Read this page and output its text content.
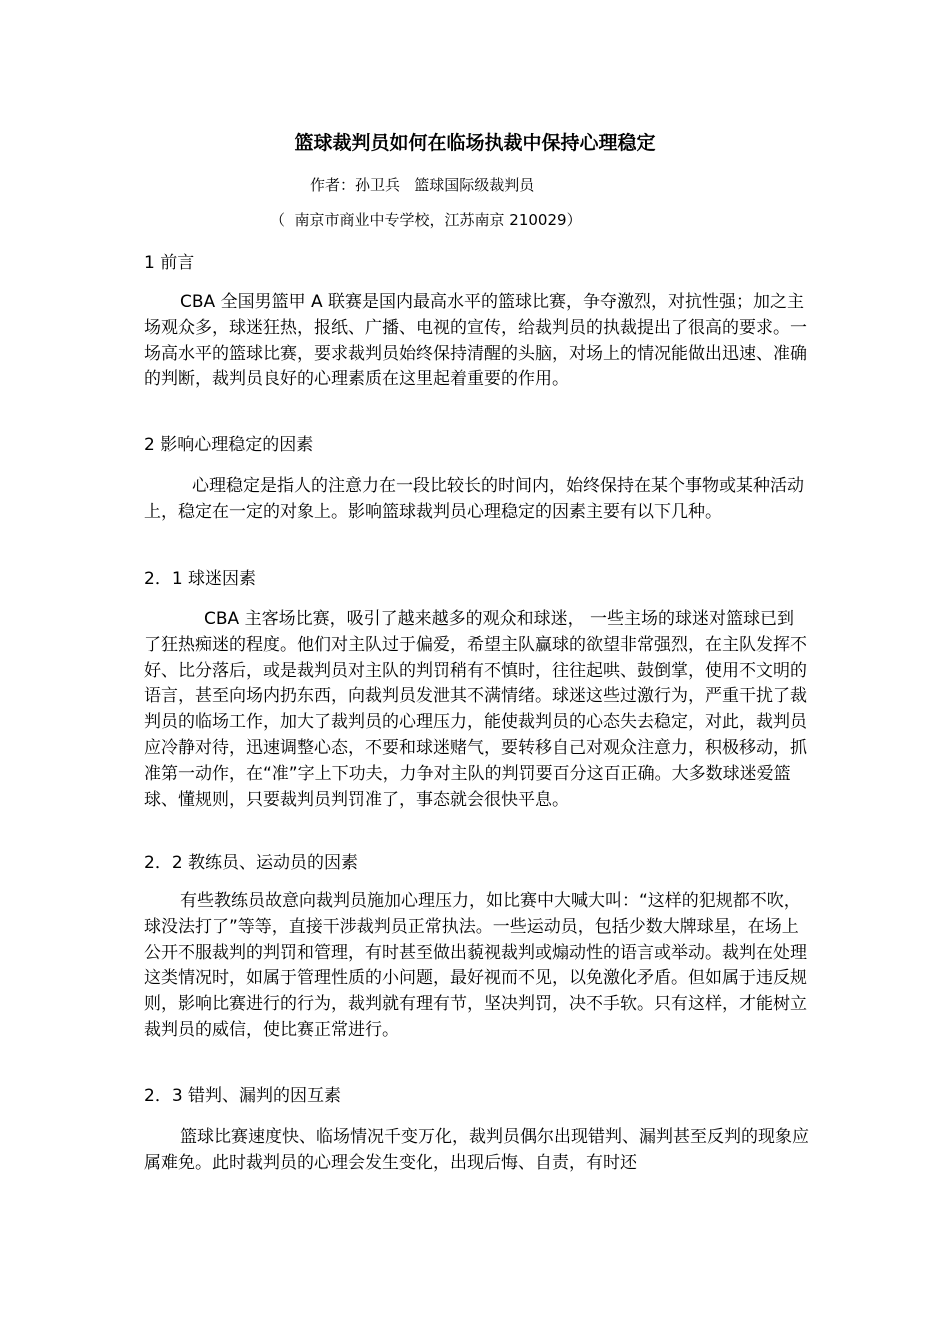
篮球裁判员如何在临场执裁中保持心理稳定
作者：孙卫兵   篮球国际级裁判员
（  南京市商业中专学校，江苏南京 210029）
1 前言

CBA 全国男篮甲 A 联赛是国内最高水平的篮球比赛，争夺激烈，对抗性强；加之主场观众多，球迷狂热，报纸、广播、电视的宣传，给裁判员的执裁提出了很高的要求。一场高水平的篮球比赛，要求裁判员始终保持清醒的头脑，对场上的情况能做出迅速、准确的判断，裁判员良好的心理素质在这里起着重要的作用。

2 影响心理稳定的因素

心理稳定是指人的注意力在一段比较长的时间内，始终保持在某个事物或某种活动上，稳定在一定的对象上。影响篮球裁判员心理稳定的因素主要有以下几种。

2．1 球迷因素

CBA 主客场比赛，吸引了越来越多的观众和球迷， 一些主场的球迷对篮球已到了狂热痴迷的程度。他们对主队过于偏爱，希望主队赢球的欲望非常强烈，在主队发挥不好、比分落后，或是裁判员对主队的判罚稍有不慎时，往往起哄、鼓倒掌，使用不文明的语言，甚至向场内扔东西，向裁判员发泄其不满情绪。球迷这些过激行为，严重干扰了裁判员的临场工作，加大了裁判员的心理压力，能使裁判员的心态失去稳定，对此，裁判员应冷静对待，迅速调整心态，不要和球迷赌气，要转移自己对观众注意力，积极移动，抓准第一动作，在“准”字上下功夫，力争对主队的判罚要百分这百正确。大多数球迷爱篮球、懂规则，只要裁判员判罚准了，事态就会很快平息。

2．2 教练员、运动员的因素

有些教练员故意向裁判员施加心理压力，如比赛中大喊大叫：“这样的犯规都不吹，球没法打了”等等，直接干涉裁判员正常执法。一些运动员，包括少数大牌球星，在场上公开不服裁判的判罚和管理，有时甚至做出藐视裁判或煽动性的语言或举动。裁判在处理这类情况时，如属于管理性质的小问题，最好视而不见，以免激化矛盾。但如属于违反规则，影响比赛进行的行为，裁判就有理有节，坚决判罚，决不手软。只有这样，才能树立裁判员的威信，使比赛正常进行。

2．3 错判、漏判的因互素

篮球比赛速度快、临场情况千变万化，裁判员偶尔出现错判、漏判甚至反判的现象应属难免。此时裁判员的心理会发生变化，出现后悔、自责，有时还
